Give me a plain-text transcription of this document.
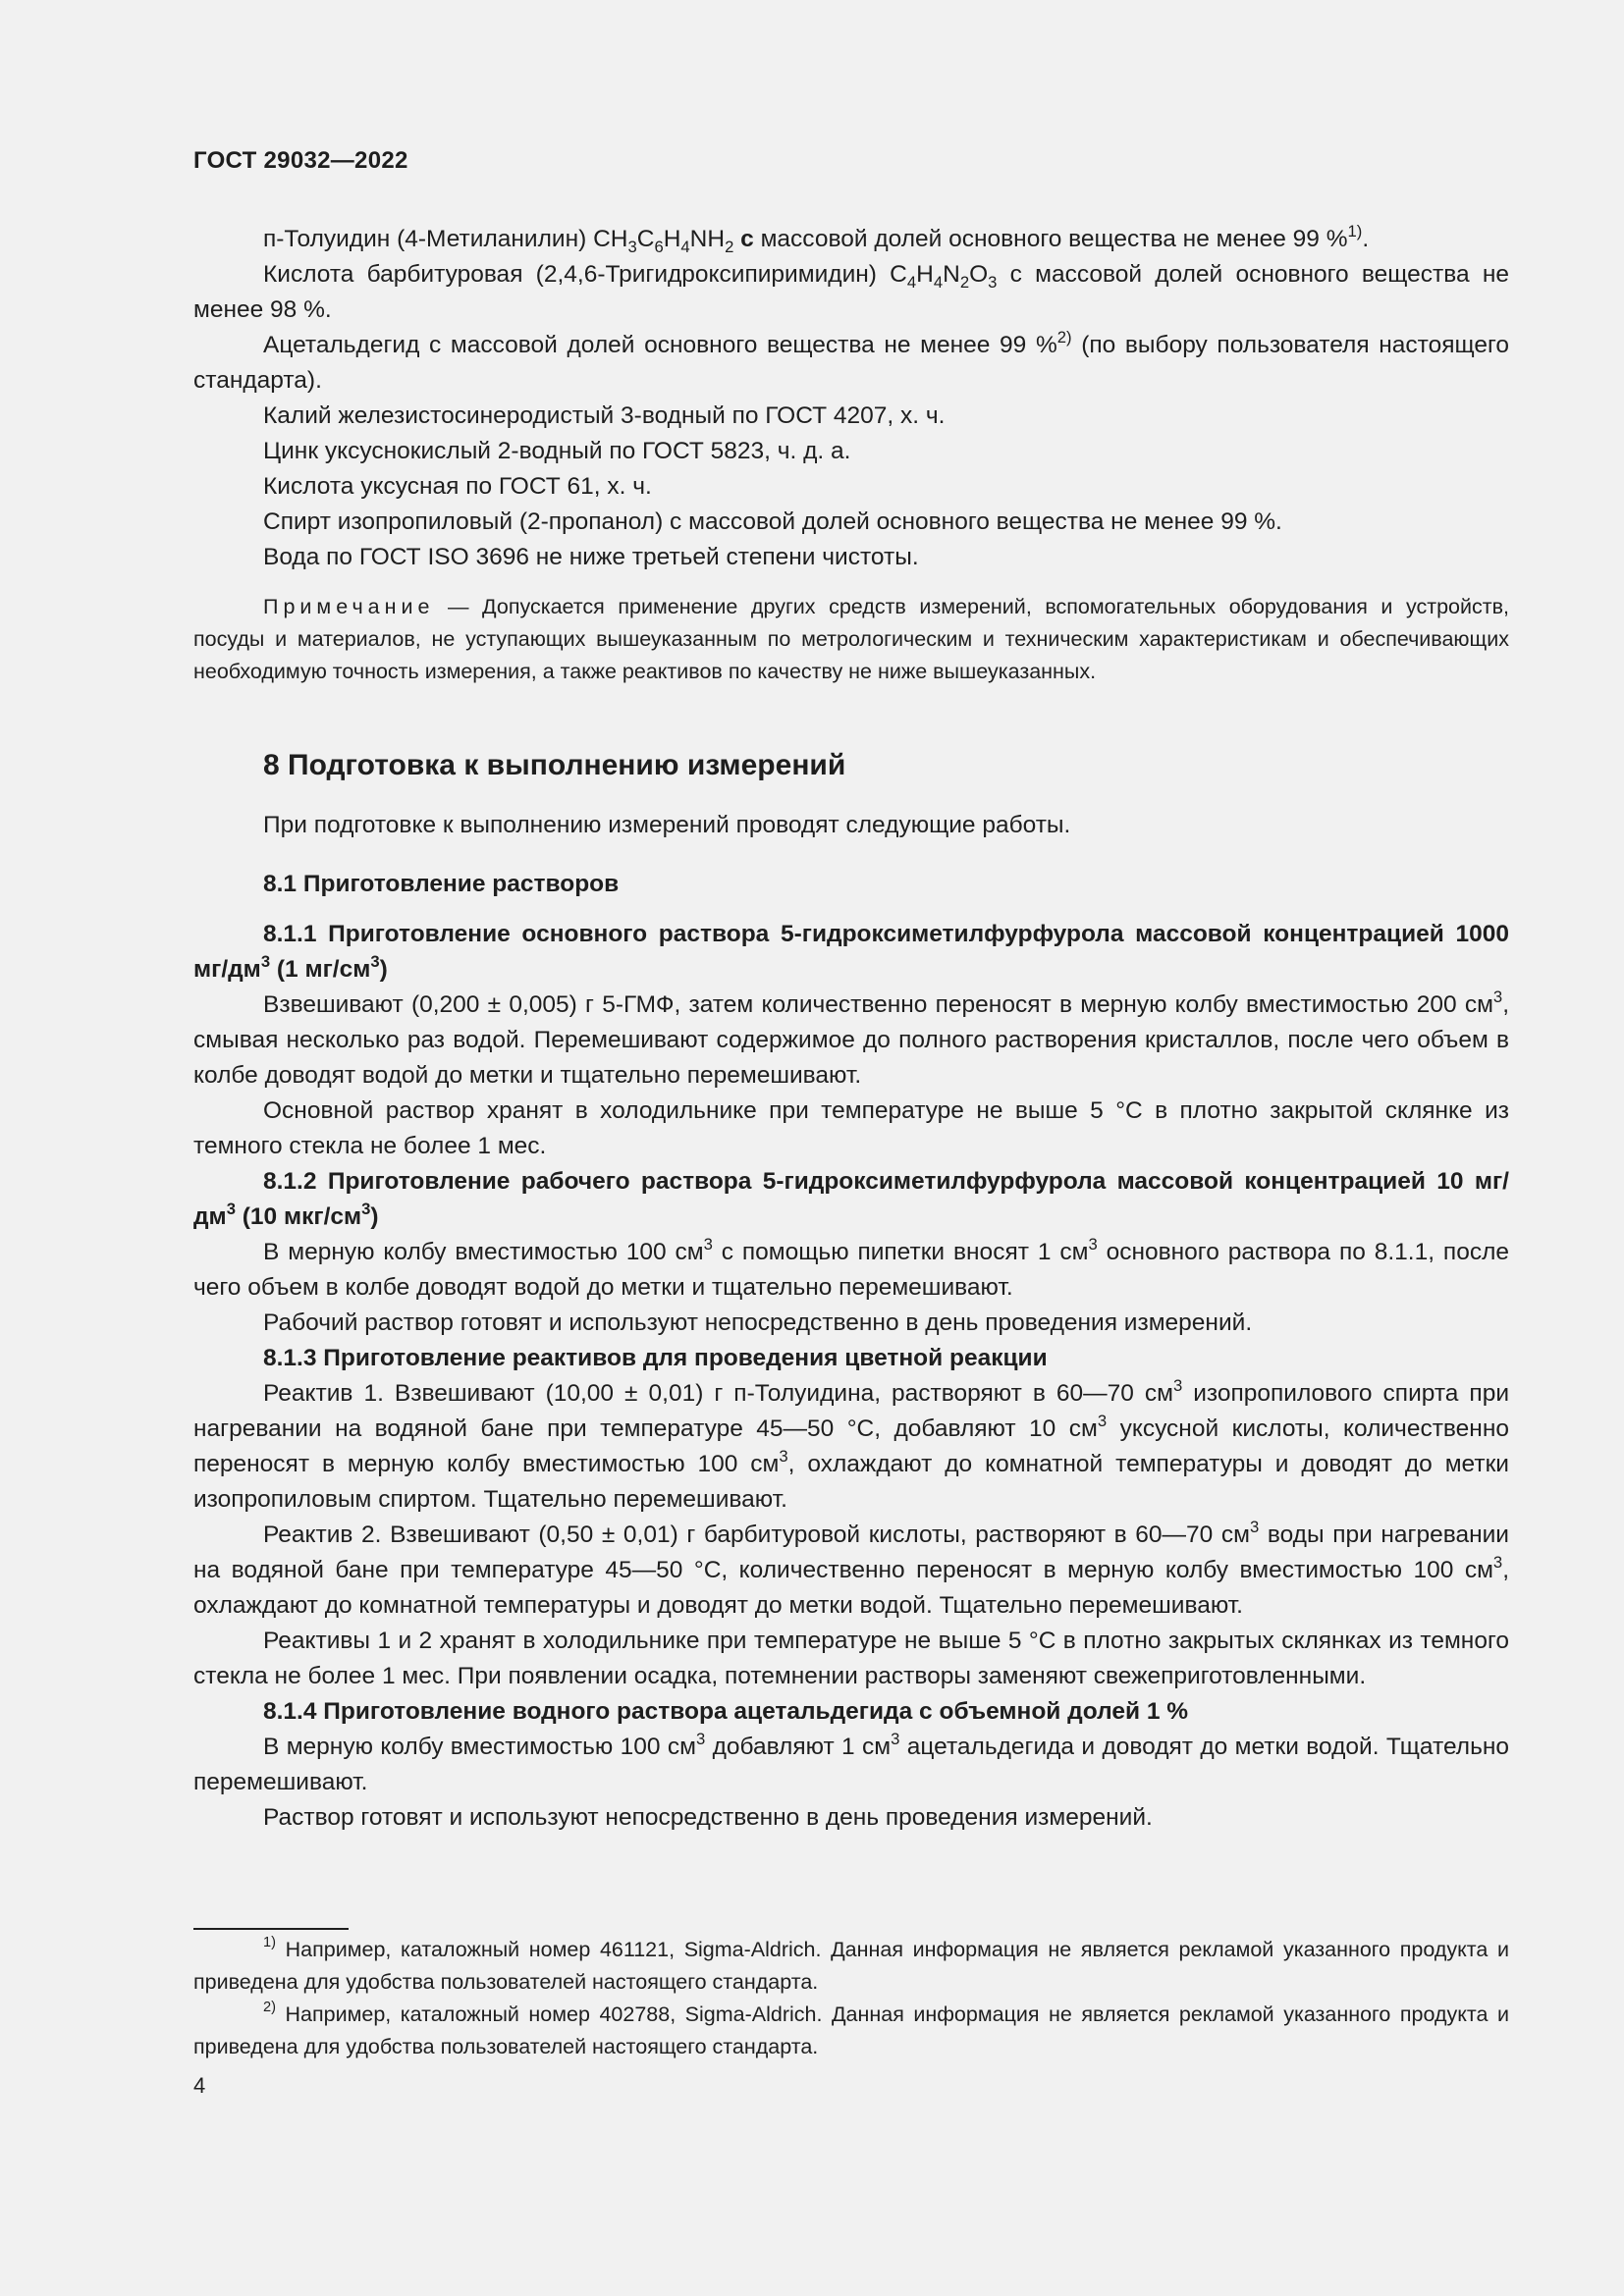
ГОСТ 29032—2022

п-Толуидин (4-Метиланилин) $CH_3C_6H_4NH_2$ с массовой долей основного вещества не менее 99 %$^{1)}$.

Кислота барбитуровая (2,4,6-Тригидроксипиримидин) $C_4H_4N_2O_3$ с массовой долей основного вещества не менее 98 %.

Ацетальдегид с массовой долей основного вещества не менее 99 %$^{2)}$ (по выбору пользователя настоящего стандарта).

Калий железистосинеродистый 3-водный по ГОСТ 4207, х. ч.

Цинк уксуснокислый 2-водный по ГОСТ 5823, ч. д. а.

Кислота уксусная по ГОСТ 61, х. ч.

Спирт изопропиловый (2-пропанол) с массовой долей основного вещества не менее 99 %.

Вода по ГОСТ ISO 3696 не ниже третьей степени чистоты.

Примечание — Допускается применение других средств измерений, вспомогательных оборудования и устройств, посуды и материалов, не уступающих вышеуказанным по метрологическим и техническим характеристикам и обеспечивающих необходимую точность измерения, а также реактивов по качеству не ниже вышеуказанных.

8 Подготовка к выполнению измерений

При подготовке к выполнению измерений проводят следующие работы.

8.1 Приготовление растворов

8.1.1 Приготовление основного раствора 5-гидроксиметилфурфурола массовой концентрацией 1000 $мг/дм^3$ (1 $мг/см^3$)

Взвешивают (0,200 ± 0,005) г 5-ГМФ, затем количественно переносят в мерную колбу вместимостью 200 $см^3$, смывая несколько раз водой. Перемешивают содержимое до полного растворения кристаллов, после чего объем в колбе доводят водой до метки и тщательно перемешивают.

Основной раствор хранят в холодильнике при температуре не выше 5 °C в плотно закрытой склянке из темного стекла не более 1 мес.

8.1.2 Приготовление рабочего раствора 5-гидроксиметилфурфурола массовой концентрацией 10 $мг/дм^3$ (10 мкг/$см^3$)

В мерную колбу вместимостью 100 $см^3$ с помощью пипетки вносят 1 $см^3$ основного раствора по 8.1.1, после чего объем в колбе доводят водой до метки и тщательно перемешивают.

Рабочий раствор готовят и используют непосредственно в день проведения измерений.

8.1.3 Приготовление реактивов для проведения цветной реакции

Реактив 1. Взвешивают (10,00 ± 0,01) г п-Толуидина, растворяют в 60—70 $см^3$ изопропилового спирта при нагревании на водяной бане при температуре 45—50 °C, добавляют 10 $см^3$ уксусной кислоты, количественно переносят в мерную колбу вместимостью 100 $см^3$, охлаждают до комнатной температуры и доводят до метки изопропиловым спиртом. Тщательно перемешивают.

Реактив 2. Взвешивают (0,50 ± 0,01) г барбитуровой кислоты, растворяют в 60—70 $см^3$ воды при нагревании на водяной бане при температуре 45—50 °C, количественно переносят в мерную колбу вместимостью 100 $см^3$, охлаждают до комнатной температуры и доводят до метки водой. Тщательно перемешивают.

Реактивы 1 и 2 хранят в холодильнике при температуре не выше 5 °C в плотно закрытых склянках из темного стекла не более 1 мес. При появлении осадка, потемнении растворы заменяют свежеприготовленными.

8.1.4 Приготовление водного раствора ацетальдегида с объемной долей 1 %

В мерную колбу вместимостью 100 $см^3$ добавляют 1 $см^3$ ацетальдегида и доводят до метки водой. Тщательно перемешивают.

Раствор готовят и используют непосредственно в день проведения измерений.

$^{1)}$ Например, каталожный номер 461121, Sigma-Aldrich. Данная информация не является рекламой указанного продукта и приведена для удобства пользователей настоящего стандарта.

$^{2)}$ Например, каталожный номер 402788, Sigma-Aldrich. Данная информация не является рекламой указанного продукта и приведена для удобства пользователей настоящего стандарта.

4
